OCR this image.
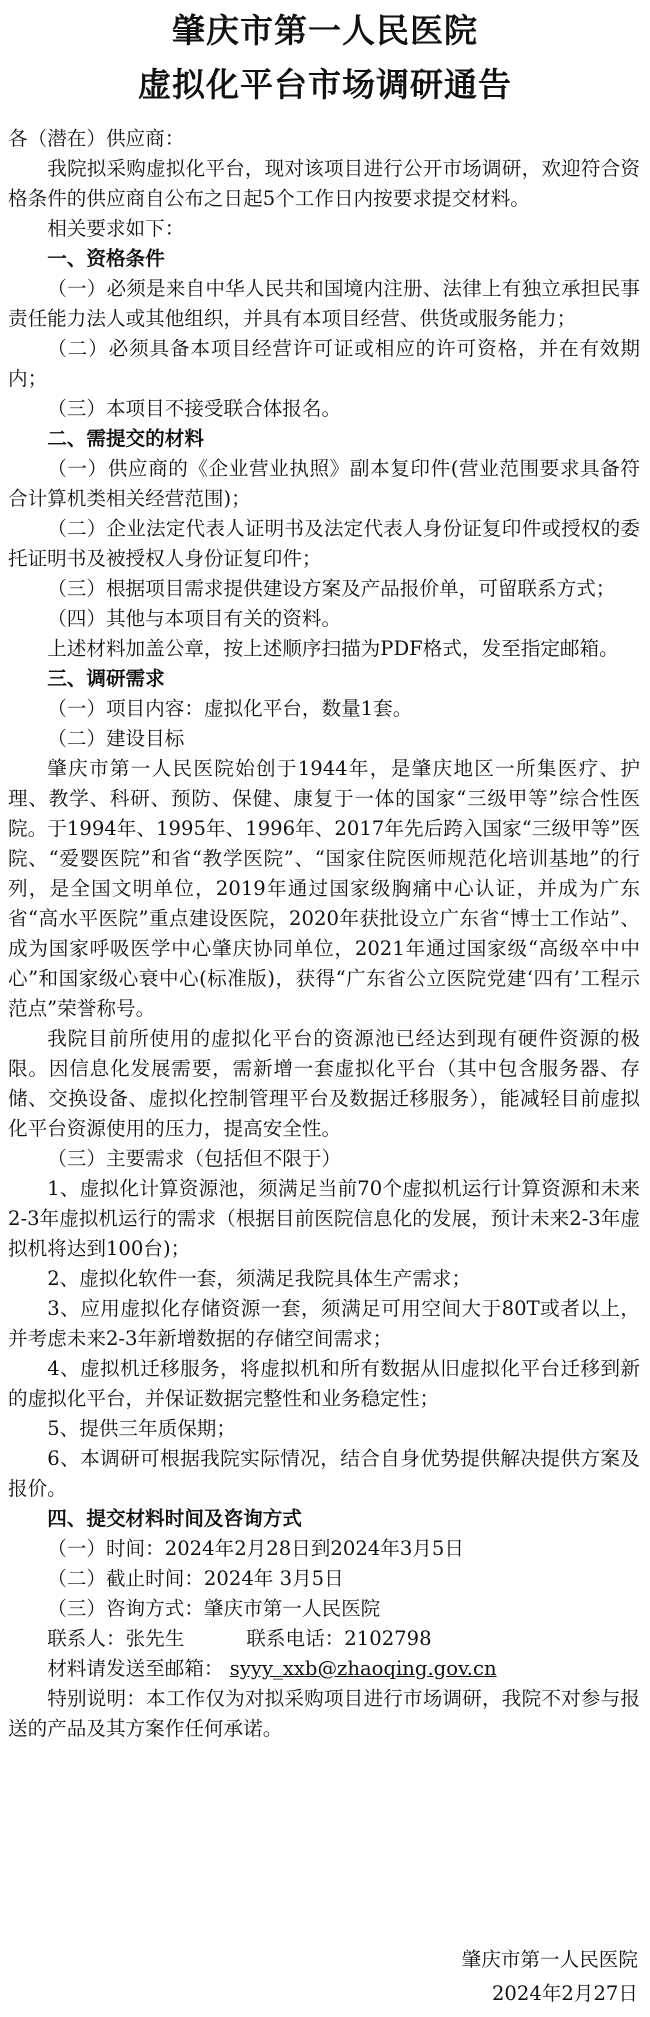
肇庆市第一人民医院
虚拟化平台市场调研通告

各（潜在）供应商：

我院拟采购虚拟化平台，现对该项目进行公开市场调研，欢迎符合资格条件的供应商自公布之日起5个工作日内按要求提交材料。

相关要求如下：

一、资格条件

（一）必须是来自中华人民共和国境内注册、法律上有独立承担民事责任能力法人或其他组织，并具有本项目经营、供货或服务能力；

（二）必须具备本项目经营许可证或相应的许可资格，并在有效期内；

（三）本项目不接受联合体报名。

二、需提交的材料

（一）供应商的《企业营业执照》副本复印件(营业范围要求具备符合计算机类相关经营范围)；

（二）企业法定代表人证明书及法定代表人身份证复印件或授权的委托证明书及被授权人身份证复印件；

（三）根据项目需求提供建设方案及产品报价单，可留联系方式；

（四）其他与本项目有关的资料。

上述材料加盖公章，按上述顺序扫描为PDF格式，发至指定邮箱。

三、调研需求

（一）项目内容：虚拟化平台，数量1套。

（二）建设目标

肇庆市第一人民医院始创于1944年，是肇庆地区一所集医疗、护理、教学、科研、预防、保健、康复于一体的国家“三级甲等”综合性医院。于1994年、1995年、1996年、2017年先后跨入国家“三级甲等”医院、“爱婴医院”和省“教学医院”、“国家住院医师规范化培训基地”的行列，是全国文明单位，2019年通过国家级胸痛中心认证，并成为广东省“高水平医院”重点建设医院，2020年获批设立广东省“博士工作站”、成为国家呼吸医学中心肇庆协同单位，2021年通过国家级“高级卒中中心”和国家级心衰中心(标准版)，获得“广东省公立医院党建‘四有’工程示范点”荣誉称号。

我院目前所使用的虚拟化平台的资源池已经达到现有硬件资源的极限。因信息化发展需要，需新增一套虚拟化平台（其中包含服务器、存储、交换设备、虚拟化控制管理平台及数据迁移服务），能减轻目前虚拟化平台资源使用的压力，提高安全性。

（三）主要需求（包括但不限于）

1、虚拟化计算资源池，须满足当前70个虚拟机运行计算资源和未来2-3年虚拟机运行的需求（根据目前医院信息化的发展，预计未来2-3年虚拟机将达到100台)；

2、虚拟化软件一套，须满足我院具体生产需求；

3、应用虚拟化存储资源一套，须满足可用空间大于80T或者以上，并考虑未来2-3年新增数据的存储空间需求；

4、虚拟机迁移服务，将虚拟机和所有数据从旧虚拟化平台迁移到新的虚拟化平台，并保证数据完整性和业务稳定性；

5、提供三年质保期；

6、本调研可根据我院实际情况，结合自身优势提供解决提供方案及报价。

四、提交材料时间及咨询方式

（一）时间：2024年2月28日到2024年3月5日

（二）截止时间：2024年 3月5日

（三）咨询方式：肇庆市第一人民医院

联系人：张先生	联系电话：2102798

材料请发送至邮箱： syyy_xxb@zhaoqing.gov.cn

特别说明：本工作仅为对拟采购项目进行市场调研，我院不对参与报送的产品及其方案作任何承诺。

肇庆市第一人民医院

2024年2月27日
